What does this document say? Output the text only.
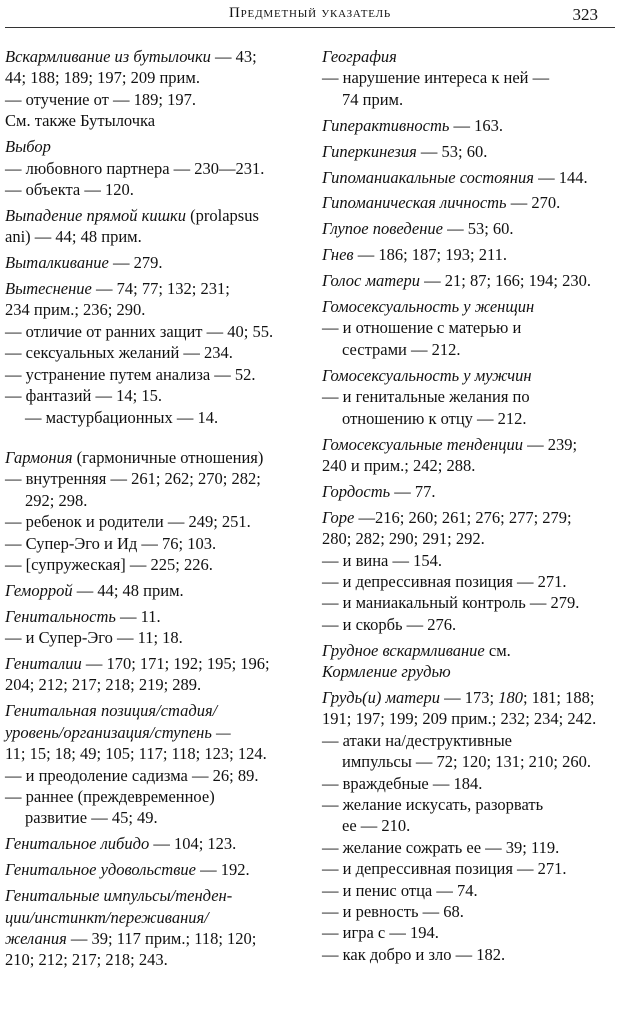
Предметный указатель	323
Вскармливание из бутылочки — 43;
44; 188; 189; 197; 209 прим.
— отучение от — 189; 197.
См. также Бутылочка
Выбор
— любовного партнера — 230—231.
— объекта — 120.
Выпадение прямой кишки (prolapsus
ani) — 44; 48 прим.
Выталкивание — 279.
Вытеснение — 74; 77; 132; 231;
234 прим.; 236; 290.
— отличие от ранних защит — 40; 55.
— сексуальных желаний — 234.
— устранение путем анализа — 52.
— фантазий — 14; 15.
— мастурбационных — 14.
Гармония (гармоничные отношения)
— внутренняя — 261; 262; 270; 282;
292; 298.
— ребенок и родители — 249; 251.
— Супер-Эго и Ид — 76; 103.
— [супружеская] — 225; 226.
Геморрой — 44; 48 прим.
Генитальность — 11.
— и Супер-Эго — 11; 18.
Гениталии — 170; 171; 192; 195; 196;
204; 212; 217; 218; 219; 289.
Генитальная позиция/стадия/
уровень/организация/ступень —
11; 15; 18; 49; 105; 117; 118; 123; 124.
— и преодоление садизма — 26; 89.
— раннее (преждевременное)
развитие — 45; 49.
Генитальное либидо — 104; 123.
Генитальное удовольствие — 192.
Генитальные импульсы/тенден-
ции/инстинкт/переживания/
желания — 39; 117 прим.; 118; 120;
210; 212; 217; 218; 243.
География
— нарушение интереса к ней —
74 прим.
Гиперактивность — 163.
Гиперкинезия — 53; 60.
Гипоманиакальные состояния — 144.
Гипоманическая личность — 270.
Глупое поведение — 53; 60.
Гнев — 186; 187; 193; 211.
Голос матери — 21; 87; 166; 194; 230.
Гомосексуальность у женщин
— и отношение с матерью и
сестрами — 212.
Гомосексуальность у мужчин
— и генитальные желания по
отношению к отцу — 212.
Гомосексуальные тенденции — 239;
240 и прим.; 242; 288.
Гордость — 77.
Горе —216; 260; 261; 276; 277; 279;
280; 282; 290; 291; 292.
— и вина — 154.
— и депрессивная позиция — 271.
— и маниакальный контроль — 279.
— и скорбь — 276.
Грудное вскармливание см.
Кормление грудью
Грудь(и) матери — 173; 180; 181; 188;
191; 197; 199; 209 прим.; 232; 234; 242.
— атаки на/деструктивные
импульсы — 72; 120; 131; 210; 260.
— враждебные — 184.
— желание искусать, разорвать
ее — 210.
— желание сожрать ее — 39; 119.
— и депрессивная позиция — 271.
— и пенис отца — 74.
— и ревность — 68.
— игра с — 194.
— как добро и зло — 182.
